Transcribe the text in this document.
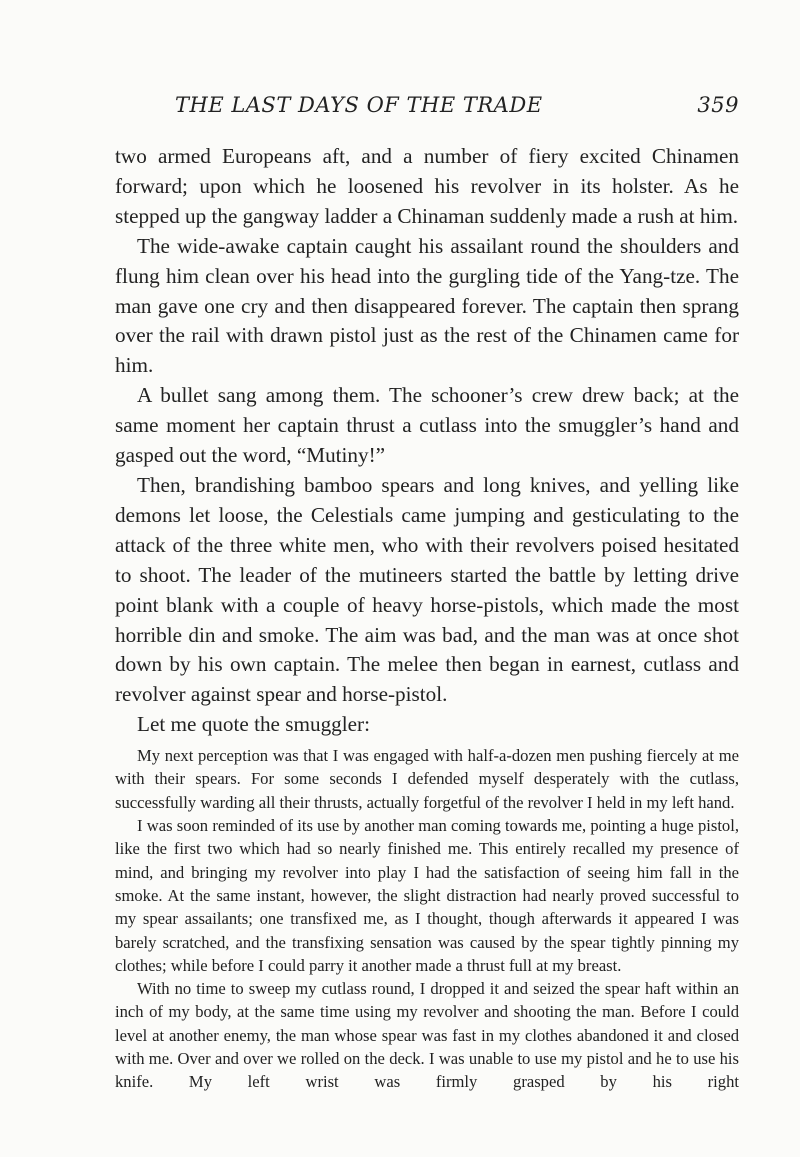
THE LAST DAYS OF THE TRADE	359

two armed Europeans aft, and a number of fiery excited Chinamen forward; upon which he loosened his revolver in its holster. As he stepped up the gangway ladder a Chinaman suddenly made a rush at him.

The wide-awake captain caught his assailant round the shoulders and flung him clean over his head into the gurgling tide of the Yang-tze. The man gave one cry and then disappeared forever. The captain then sprang over the rail with drawn pistol just as the rest of the Chinamen came for him.

A bullet sang among them. The schooner’s crew drew back; at the same moment her captain thrust a cutlass into the smuggler’s hand and gasped out the word, “Mutiny!”

Then, brandishing bamboo spears and long knives, and yelling like demons let loose, the Celestials came jumping and gesticulating to the attack of the three white men, who with their revolvers poised hesitated to shoot. The leader of the mutineers started the battle by letting drive point blank with a couple of heavy horse-pistols, which made the most horrible din and smoke. The aim was bad, and the man was at once shot down by his own captain. The melee then began in earnest, cutlass and revolver against spear and horse-pistol.

Let me quote the smuggler:

My next perception was that I was engaged with half-a-dozen men pushing fiercely at me with their spears. For some seconds I defended myself desperately with the cutlass, successfully warding all their thrusts, actually forgetful of the revolver I held in my left hand.

I was soon reminded of its use by another man coming towards me, pointing a huge pistol, like the first two which had so nearly finished me. This entirely recalled my presence of mind, and bringing my revolver into play I had the satisfaction of seeing him fall in the smoke. At the same instant, however, the slight distraction had nearly proved successful to my spear assailants; one transfixed me, as I thought, though afterwards it appeared I was barely scratched, and the transfixing sensation was caused by the spear tightly pinning my clothes; while before I could parry it another made a thrust full at my breast.

With no time to sweep my cutlass round, I dropped it and seized the spear haft within an inch of my body, at the same time using my revolver and shooting the man. Before I could level at another enemy, the man whose spear was fast in my clothes abandoned it and closed with me. Over and over we rolled on the deck. I was unable to use my pistol and he to use his knife. My left wrist was firmly grasped by his right
